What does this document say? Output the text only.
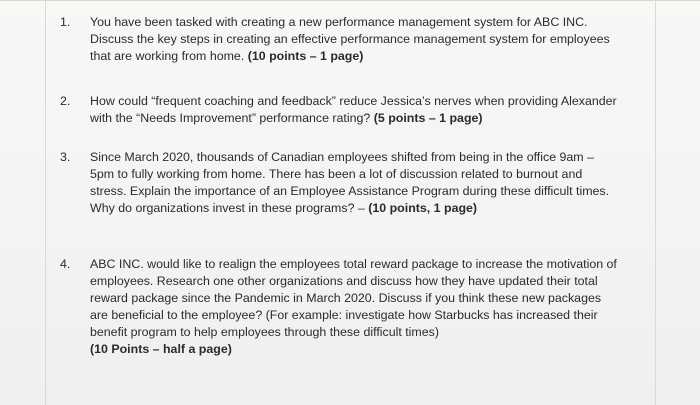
1.	You have been tasked with creating a new performance management system for ABC INC. Discuss the key steps in creating an effective performance management system for employees that are working from home. (10 points – 1 page)
2.	How could “frequent coaching and feedback” reduce Jessica’s nerves when providing Alexander with the “Needs Improvement” performance rating? (5 points – 1 page)
3.	Since March 2020, thousands of Canadian employees shifted from being in the office 9am – 5pm to fully working from home. There has been a lot of discussion related to burnout and stress. Explain the importance of an Employee Assistance Program during these difficult times. Why do organizations invest in these programs? – (10 points, 1 page)
4.	ABC INC. would like to realign the employees total reward package to increase the motivation of employees. Research one other organizations and discuss how they have updated their total reward package since the Pandemic in March 2020. Discuss if you think these new packages are beneficial to the employee? (For example: investigate how Starbucks has increased their benefit program to help employees through these difficult times)
(10 Points – half a page)
